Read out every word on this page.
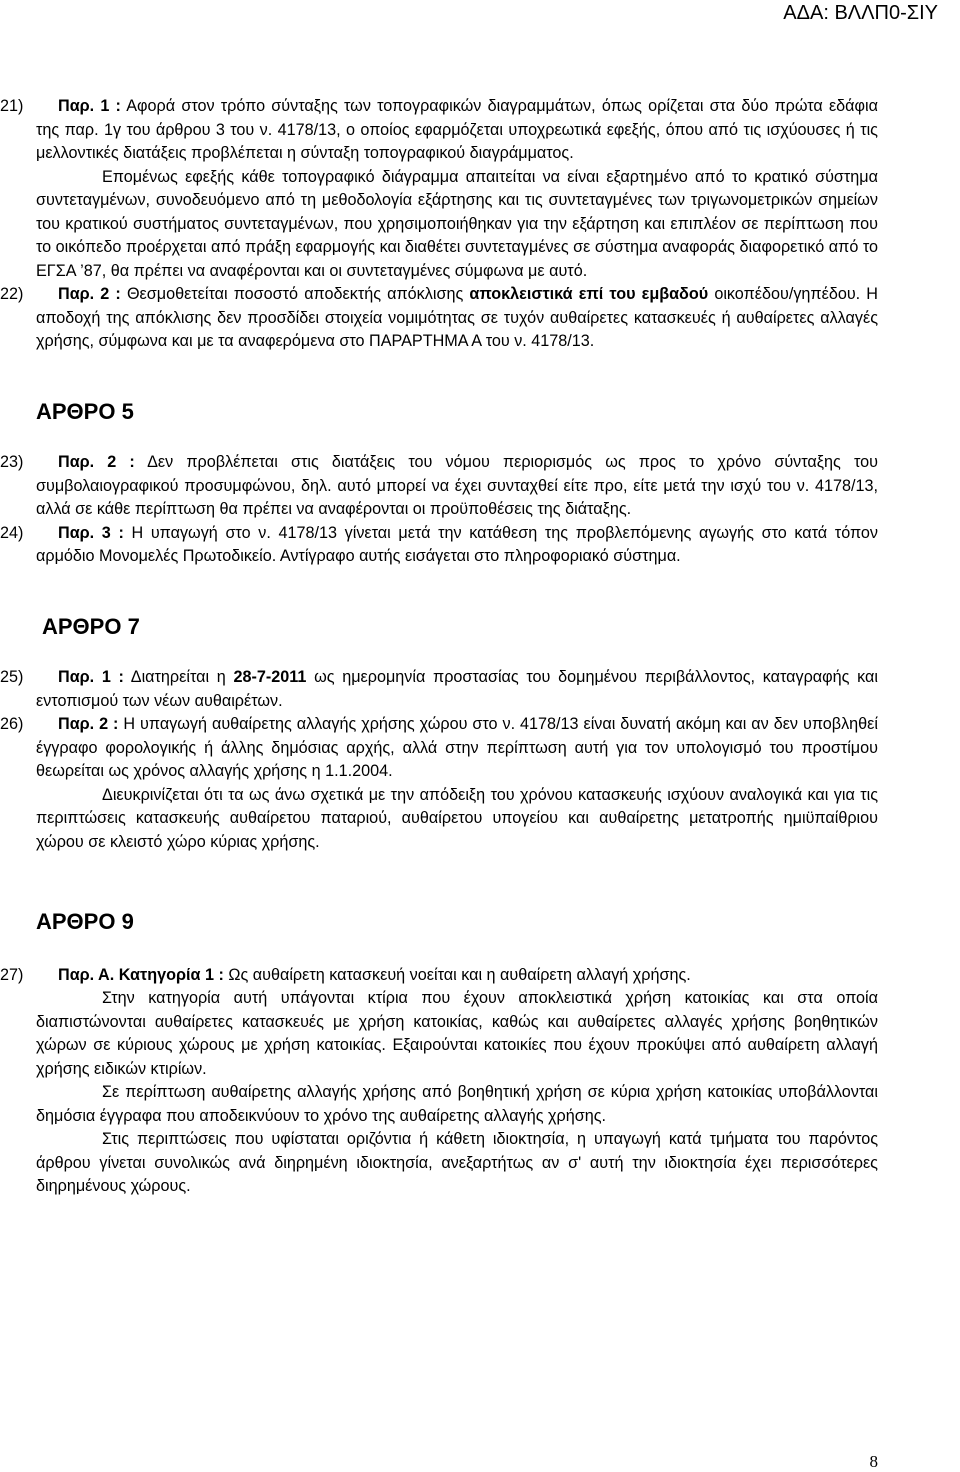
ΑΔΑ: ΒΛΛΠ0-ΣΙΥ

21) Παρ. 1 : Αφορά στον τρόπο σύνταξης των τοπογραφικών διαγραμμάτων, όπως ορίζεται στα δύο πρώτα εδάφια της παρ. 1γ του άρθρου 3 του ν. 4178/13, ο οποίος εφαρμόζεται υποχρεωτικά εφεξής, όπου από τις ισχύουσες ή τις μελλοντικές διατάξεις προβλέπεται η σύνταξη τοπογραφικού διαγράμματος.

Επομένως εφεξής κάθε τοπογραφικό διάγραμμα απαιτείται να είναι εξαρτημένο από το κρατικό σύστημα συντεταγμένων, συνοδευόμενο από τη μεθοδολογία εξάρτησης και τις συντεταγμένες των τριγωνομετρικών σημείων του κρατικού συστήματος συντεταγμένων, που χρησιμοποιήθηκαν για την εξάρτηση και επιπλέον σε περίπτωση που το οικόπεδο προέρχεται από πράξη εφαρμογής και διαθέτει συντεταγμένες σε σύστημα αναφοράς διαφορετικό από το ΕΓΣΑ ’87, θα πρέπει να αναφέρονται και οι συντεταγμένες σύμφωνα με αυτό.

22) Παρ. 2 : Θεσμοθετείται ποσοστό αποδεκτής απόκλισης αποκλειστικά επί του εμβαδού οικοπέδου/γηπέδου. Η αποδοχή της απόκλισης δεν προσδίδει στοιχεία νομιμότητας σε τυχόν αυθαίρετες κατασκευές ή αυθαίρετες αλλαγές χρήσης, σύμφωνα και με τα αναφερόμενα στο ΠΑΡΑΡΤΗΜΑ Α του ν. 4178/13.

ΑΡΘΡΟ 5

23) Παρ. 2 : Δεν προβλέπεται στις διατάξεις του νόμου περιορισμός ως προς το χρόνο σύνταξης του συμβολαιογραφικού προσυμφώνου, δηλ. αυτό μπορεί να έχει συνταχθεί είτε προ, είτε μετά την ισχύ του ν. 4178/13, αλλά σε κάθε περίπτωση θα πρέπει να αναφέρονται οι προϋποθέσεις της διάταξης.

24) Παρ. 3 : Η υπαγωγή στο ν. 4178/13 γίνεται μετά την κατάθεση της προβλεπόμενης αγωγής στο κατά τόπον αρμόδιο Μονομελές Πρωτοδικείο. Αντίγραφο αυτής εισάγεται στο πληροφοριακό σύστημα.

ΑΡΘΡΟ 7

25) Παρ. 1 : Διατηρείται η 28-7-2011 ως ημερομηνία προστασίας του δομημένου περιβάλλοντος, καταγραφής και εντοπισμού των νέων αυθαιρέτων.

26) Παρ. 2 : Η υπαγωγή αυθαίρετης αλλαγής χρήσης χώρου στο ν. 4178/13 είναι δυνατή ακόμη και αν δεν υποβληθεί έγγραφο φορολογικής ή άλλης δημόσιας αρχής, αλλά στην περίπτωση αυτή για τον υπολογισμό του προστίμου θεωρείται ως χρόνος αλλαγής χρήσης η 1.1.2004.

Διευκρινίζεται ότι τα ως άνω σχετικά με την απόδειξη του χρόνου κατασκευής ισχύουν αναλογικά και για τις περιπτώσεις κατασκευής αυθαίρετου παταριού, αυθαίρετου υπογείου και αυθαίρετης μετατροπής ημιϋπαίθριου χώρου σε κλειστό χώρο κύριας χρήσης.

ΑΡΘΡΟ 9

27) Παρ. Α. Κατηγορία 1 : Ως αυθαίρετη κατασκευή νοείται και η αυθαίρετη αλλαγή χρήσης.

Στην κατηγορία αυτή υπάγονται κτίρια που έχουν αποκλειστικά χρήση κατοικίας και στα οποία διαπιστώνονται αυθαίρετες κατασκευές με χρήση κατοικίας, καθώς και αυθαίρετες αλλαγές χρήσης βοηθητικών χώρων σε κύριους χώρους με χρήση κατοικίας. Εξαιρούνται κατοικίες που έχουν προκύψει από αυθαίρετη αλλαγή χρήσης ειδικών κτιρίων.

Σε περίπτωση αυθαίρετης αλλαγής χρήσης από βοηθητική χρήση σε κύρια χρήση κατοικίας υποβάλλονται δημόσια έγγραφα που αποδεικνύουν το χρόνο της αυθαίρετης αλλαγής χρήσης.

Στις περιπτώσεις που υφίσταται οριζόντια ή κάθετη ιδιοκτησία, η υπαγωγή κατά τμήματα του παρόντος άρθρου γίνεται συνολικώς ανά διηρημένη ιδιοκτησία, ανεξαρτήτως αν σ' αυτή την ιδιοκτησία έχει περισσότερες διηρημένους χώρους.

8
